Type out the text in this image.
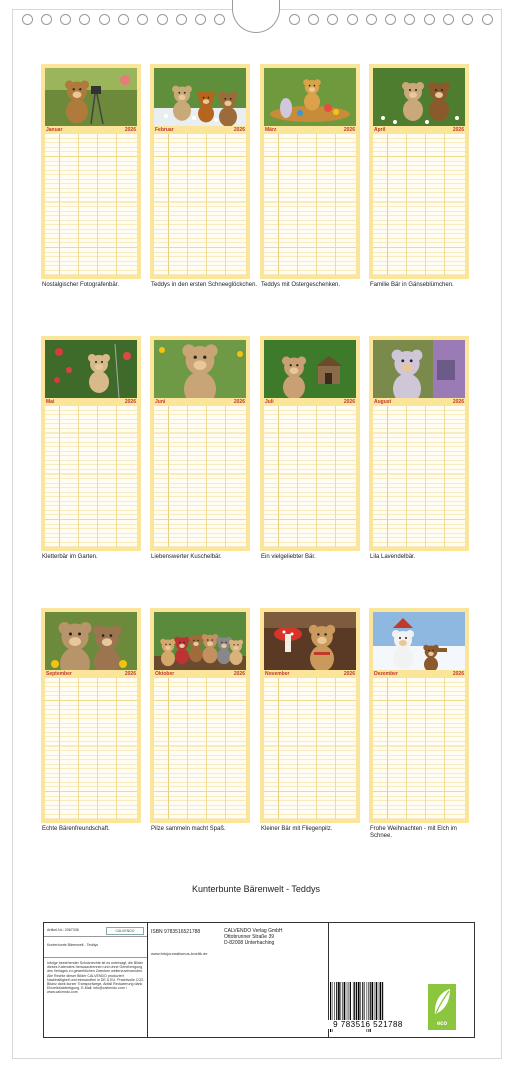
Januar	2026
Nostalgischer Fotografenbär.
Februar	2026
Teddys in den ersten Schneeglöckchen.
März	2026
Teddys mit Ostergeschenken.
April	2026
Familie Bär in Gänseblümchen.
Mai	2026
Kletterbär im Garten.
Juni	2026
Liebenswerter Kuschelbär.
Juli	2026
Ein vielgeliebter Bär.
August	2026
Lila Lavendelbär.
September	2026
Echte Bärenfreundschaft.
Oktober	2026
Pilze sammeln macht Spaß.
November	2026
Kleiner Bär mit Fliegenpilz.
Dezember	2026
Frohe Weihnachten - mit Elch im Schnee.
Kunterbunte Bärenwelt - Teddys
Artikel-Nr.: 2087336	CALVENDO
Kunterbunte Bärenwelt - Teddys
Infolge bestehender Schutzrechte ist es untersagt, die Bilder dieses Kalenders herauszutrennen und ohne Genehmigung des Verlages zu gewerblichen Zwecken weiterzuverwenden. Alle Rechte dieser Bilder CALVENDO produziert Nachhaltigkeit und einwandfrei in DE & EU. Prachtvolle CO2-Bilanz dank kurzer Transportwege. Abfall Reduzierung dank Einzelstückfertigung. E-Mail: info@calvendo.com / www.calvendo.com
ISBN 9783516521788	CALVENDO Verlag GmbH
Ottobrunner Straße 39
D-82008 Unterhaching
www.fotojournalismus-boettk.de
9 783516 521788	eco
